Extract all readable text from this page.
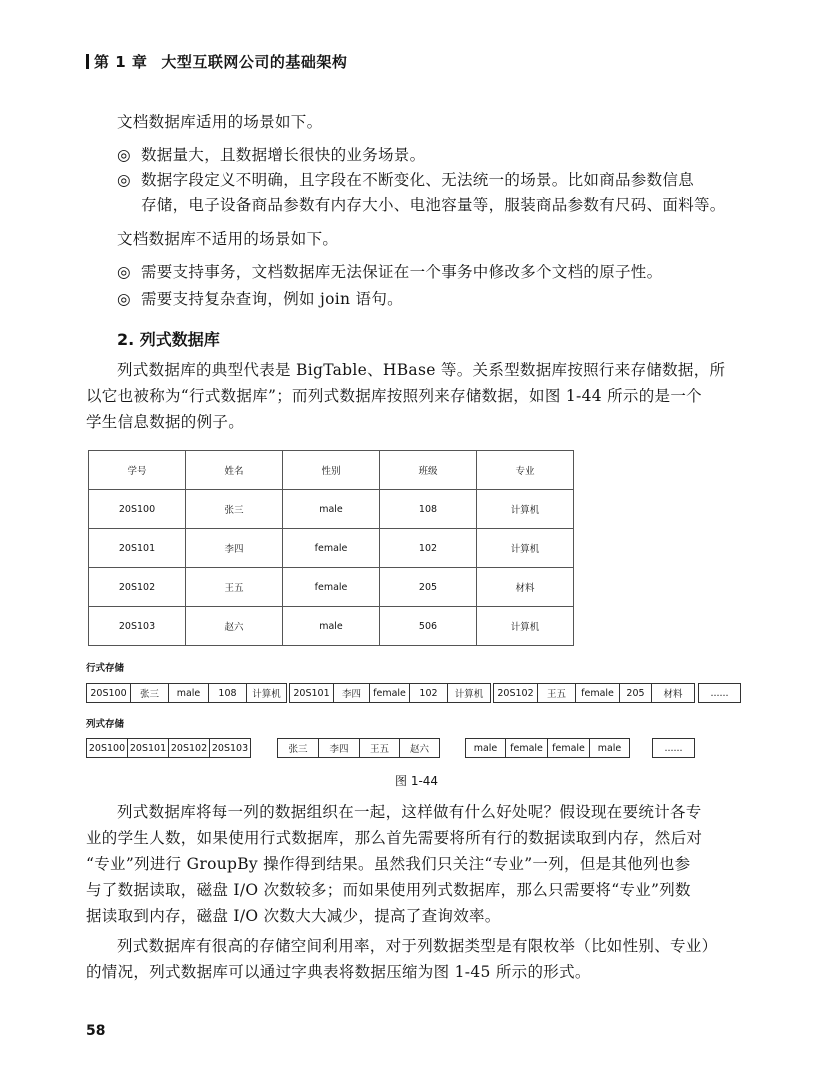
第 1 章 大型互联网公司的基础架构

文档数据库适用的场景如下。

◎ 数据量大，且数据增长很快的业务场景。
◎ 数据字段定义不明确，且字段在不断变化、无法统一的场景。比如商品参数信息
存储，电子设备商品参数有内存大小、电池容量等，服装商品参数有尺码、面料等。

文档数据库不适用的场景如下。

◎ 需要支持事务，文档数据库无法保证在一个事务中修改多个文档的原子性。
◎ 需要支持复杂查询，例如 join 语句。
2. 列式数据库

列式数据库的典型代表是 BigTable、HBase 等。关系型数据库按照行来存储数据，所

以它也被称为“行式数据库”；而列式数据库按照列来存储数据，如图 1-44 所示的是一个

学生信息数据的例子。

学号	姓名	性别	班级	专业
20S100	张三	male	108	计算机
20S101	李四	female	102	计算机
20S102	王五	female	205	材料
20S103	赵六	male	506	计算机
行式存储
20S100	张三	male	108	计算机	20S101	李四	female	102	计算机	20S102	王五	female	205	材料	......
列式存储
20S100 20S101 20S102 20S103	张三	李四	王五	赵六	male	female female	male	......
图 1-44

列式数据库将每一列的数据组织在一起，这样做有什么好处呢？假设现在要统计各专

业的学生人数，如果使用行式数据库，那么首先需要将所有行的数据读取到内存，然后对

“专业”列进行 GroupBy 操作得到结果。虽然我们只关注“专业”一列，但是其他列也参

与了数据读取，磁盘 I/O 次数较多；而如果使用列式数据库，那么只需要将“专业”列数

据读取到内存，磁盘 I/O 次数大大减少，提高了查询效率。

列式数据库有很高的存储空间利用率，对于列数据类型是有限枚举（比如性别、专业）

的情况，列式数据库可以通过字典表将数据压缩为图 1-45 所示的形式。

58
